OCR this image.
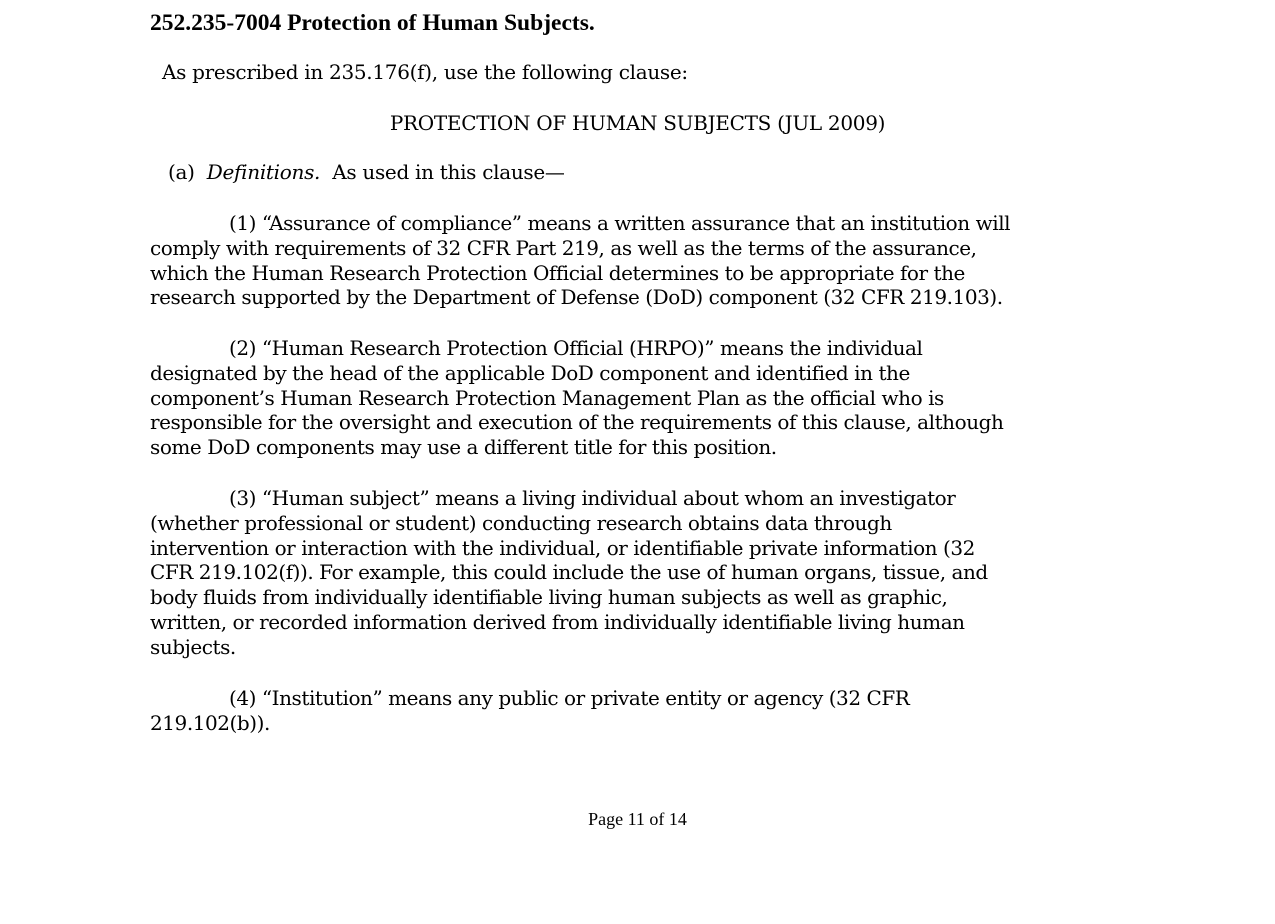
252.235-7004 Protection of Human Subjects.
As prescribed in 235.176(f), use the following clause:
PROTECTION OF HUMAN SUBJECTS (JUL 2009)
(a) Definitions. As used in this clause—
(1) “Assurance of compliance” means a written assurance that an institution will
comply with requirements of 32 CFR Part 219, as well as the terms of the assurance,
which the Human Research Protection Official determines to be appropriate for the
research supported by the Department of Defense (DoD) component (32 CFR 219.103).
(2) “Human Research Protection Official (HRPO)” means the individual
designated by the head of the applicable DoD component and identified in the
component’s Human Research Protection Management Plan as the official who is
responsible for the oversight and execution of the requirements of this clause, although
some DoD components may use a different title for this position.
(3) “Human subject” means a living individual about whom an investigator
(whether professional or student) conducting research obtains data through
intervention or interaction with the individual, or identifiable private information (32
CFR 219.102(f)). For example, this could include the use of human organs, tissue, and
body fluids from individually identifiable living human subjects as well as graphic,
written, or recorded information derived from individually identifiable living human
subjects.
(4) “Institution” means any public or private entity or agency (32 CFR
219.102(b)).
Page 11 of 14
